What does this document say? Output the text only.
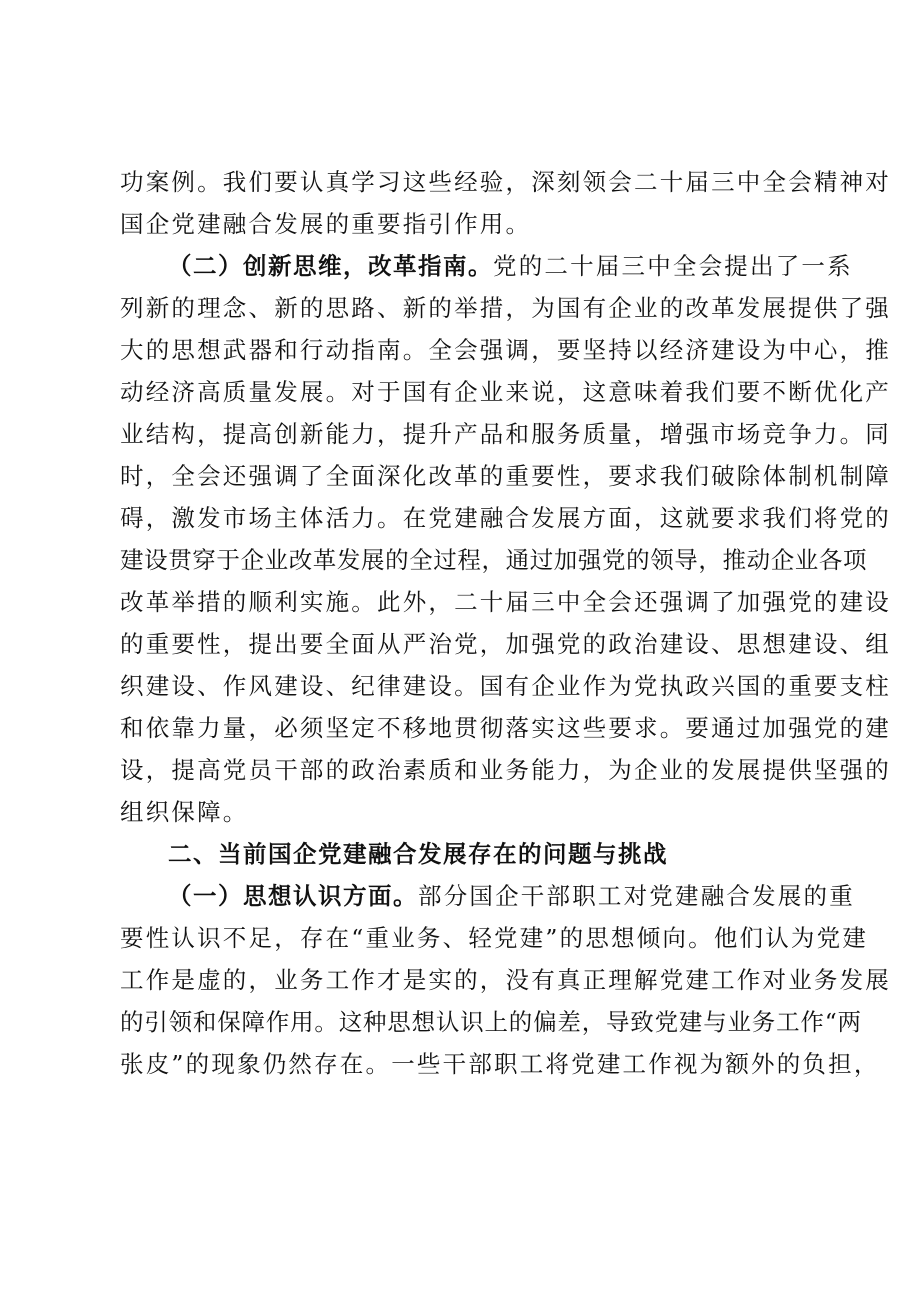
功案例。我们要认真学习这些经验，深刻领会二十届三中全会精神对
国企党建融合发展的重要指引作用。
（二）创新思维，改革指南。党的二十届三中全会提出了一系
列新的理念、新的思路、新的举措，为国有企业的改革发展提供了强
大的思想武器和行动指南。全会强调，要坚持以经济建设为中心，推
动经济高质量发展。对于国有企业来说，这意味着我们要不断优化产
业结构，提高创新能力，提升产品和服务质量，增强市场竞争力。同
时，全会还强调了全面深化改革的重要性，要求我们破除体制机制障
碍，激发市场主体活力。在党建融合发展方面，这就要求我们将党的
建设贯穿于企业改革发展的全过程，通过加强党的领导，推动企业各项
改革举措的顺利实施。此外，二十届三中全会还强调了加强党的建设
的重要性，提出要全面从严治党，加强党的政治建设、思想建设、组
织建设、作风建设、纪律建设。国有企业作为党执政兴国的重要支柱
和依靠力量，必须坚定不移地贯彻落实这些要求。要通过加强党的建
设，提高党员干部的政治素质和业务能力，为企业的发展提供坚强的
组织保障。
二、当前国企党建融合发展存在的问题与挑战
（一）思想认识方面。部分国企干部职工对党建融合发展的重
要性认识不足，存在“重业务、轻党建”的思想倾向。他们认为党建
工作是虚的，业务工作才是实的，没有真正理解党建工作对业务发展
的引领和保障作用。这种思想认识上的偏差，导致党建与业务工作“两
张皮”的现象仍然存在。一些干部职工将党建工作视为额外的负担，
